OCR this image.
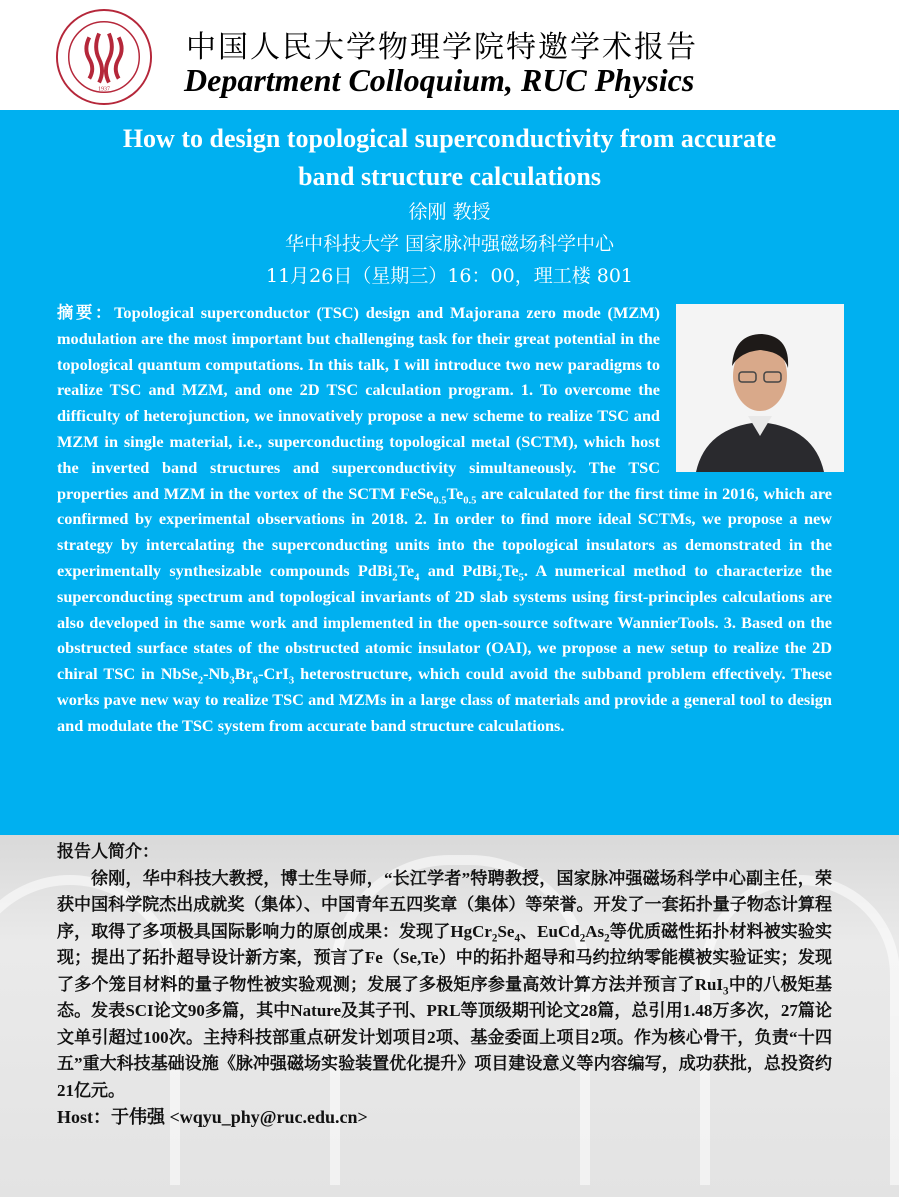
1937
中国人民大学物理学院特邀学术报告
Department Colloquium, RUC Physics
How to design topological superconductivity from accurate
band structure calculations
徐刚 教授
华中科技大学 国家脉冲强磁场科学中心
11月26日（星期三）16：00，理工楼 801
摘要：Topological superconductor (TSC) design and Majorana zero mode (MZM) modulation are the most important but challenging task for their great potential in the topological quantum computations. In this talk, I will introduce two new paradigms to realize TSC and MZM, and one 2D TSC calculation program. 1. To overcome the difficulty of heterojunction, we innovatively propose a new scheme to realize TSC and MZM in single material, i.e., superconducting topological metal (SCTM), which host the inverted band structures and superconductivity simultaneously. The TSC properties and MZM in the vortex of the SCTM $FeSe_{0.5}Te_{0.5}$ are calculated for the first time in 2016, which are confirmed by experimental observations in 2018. 2. In order to find more ideal SCTMs, we propose a new strategy by intercalating the superconducting units into the topological insulators as demonstrated in the experimentally synthesizable compounds $PdBi_2Te_4$ and $PdBi_2Te_5$. A numerical method to characterize the superconducting spectrum and topological invariants of 2D slab systems using first-principles calculations are also developed in the same work and implemented in the open-source software WannierTools. 3. Based on the obstructed surface states of the obstructed atomic insulator (OAI), we propose a new setup to realize the 2D chiral TSC in $NbSe_2-Nb_3Br_8-CrI_3$ heterostructure, which could avoid the subband problem effectively. These works pave new way to realize TSC and MZMs in a large class of materials and provide a general tool to design and modulate the TSC system from accurate band structure calculations.

报告人简介：

徐刚，华中科技大教授，博士生导师，“长江学者”特聘教授，国家脉冲强磁场科学中心副主任，荣获中国科学院杰出成就奖（集体）、中国青年五四奖章（集体）等荣誉。开发了一套拓扑量子物态计算程序，取得了多项极具国际影响力的原创成果：发现了$HgCr_2Se_4$、$EuCd_2As_2$等优质磁性拓扑材料被实验实现；提出了拓扑超导设计新方案，预言了Fe（Se,Te）中的拓扑超导和马约拉纳零能模被实验证实；发现了多个笼目材料的量子物性被实验观测；发展了多极矩序参量高效计算方法并预言了RuI$_3$中的八极矩基态。发表SCI论文90多篇，其中Nature及其子刊、PRL等顶级期刊论文28篇，总引用1.48万多次，27篇论文单引超过100次。主持科技部重点研发计划项目2项、基金委面上项目2项。作为核心骨干，负责“十四五”重大科技基础设施《脉冲强磁场实验装置优化提升》项目建设意义等内容编写，成功获批，总投资约21亿元。

Host：于伟强 <wqyu_phy@ruc.edu.cn>
